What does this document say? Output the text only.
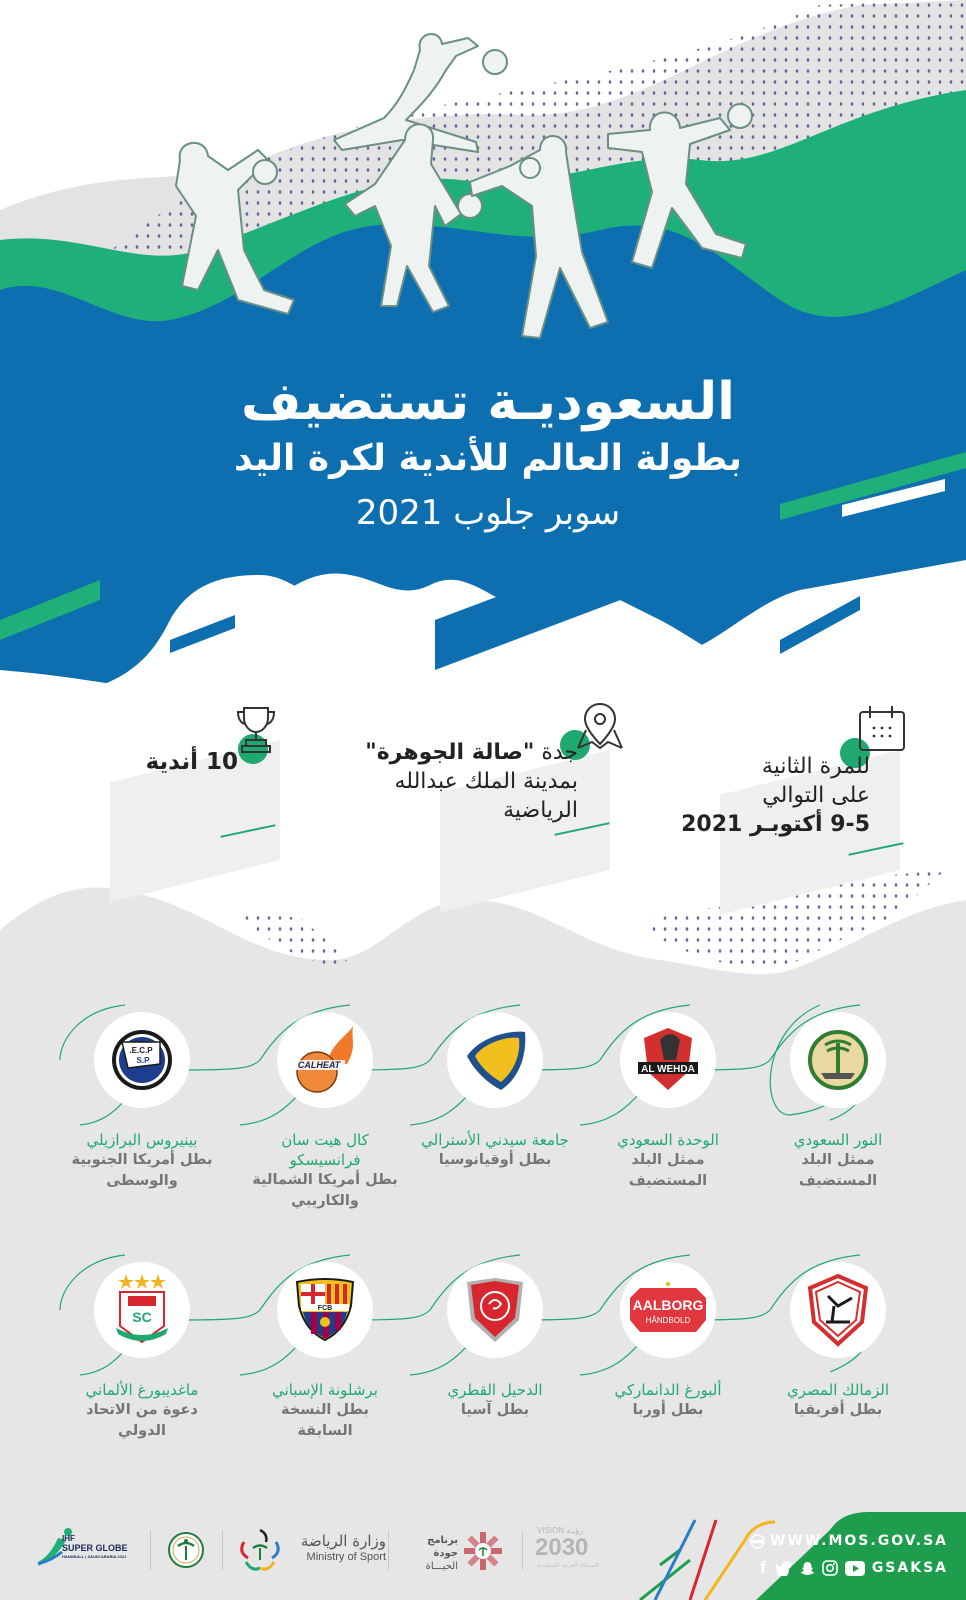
السعوديـة تستضيف
بطولة العالم للأندية لكرة اليد
سوبر جلوب 2021
للمرة الثانية
على التوالي
9-5 أكتوبـر 2021
جدة "صالة الجوهرة"
بمدينة الملك عبدالله
الرياضية
10 أندية
النور السعودي
ممثل البلد
المستضيف
AL WEHDA
الوحدة السعودي
ممثل البلد
المستضيف
جامعة سيدني الأسترالي
بطل أوقيانوسيا
CALHEAT
كال هيت سان
فرانسيسكو
بطل أمريكا الشمالية
والكاريبي
E.C.P.
S.P
بينيروس البرازيلي
بطل أمريكا الجنوبية
والوسطى
الزمالك المصري
بطل أفريقيا
AALBORG
HÅNDBOLD
ألبورغ الدانماركي
بطل أوربا
الدحيل القطري
بطل آسيا
FCB
برشلونة الإسباني
بطل النسخة
السابقة
SC
ماغديبورغ الألماني
دعوة من الاتحاد
الدولي
IHF
SUPER GLOBE
HANDBALL | SAUDI ARABIA 2021
وزارة الرياضة
Ministry of Sport
برنامج جودة
الحيـــاة
VISION رؤيـة
2030
المملكة العربية السعودية
WWW.MOS.GOV.SA
f	GSAKSA
